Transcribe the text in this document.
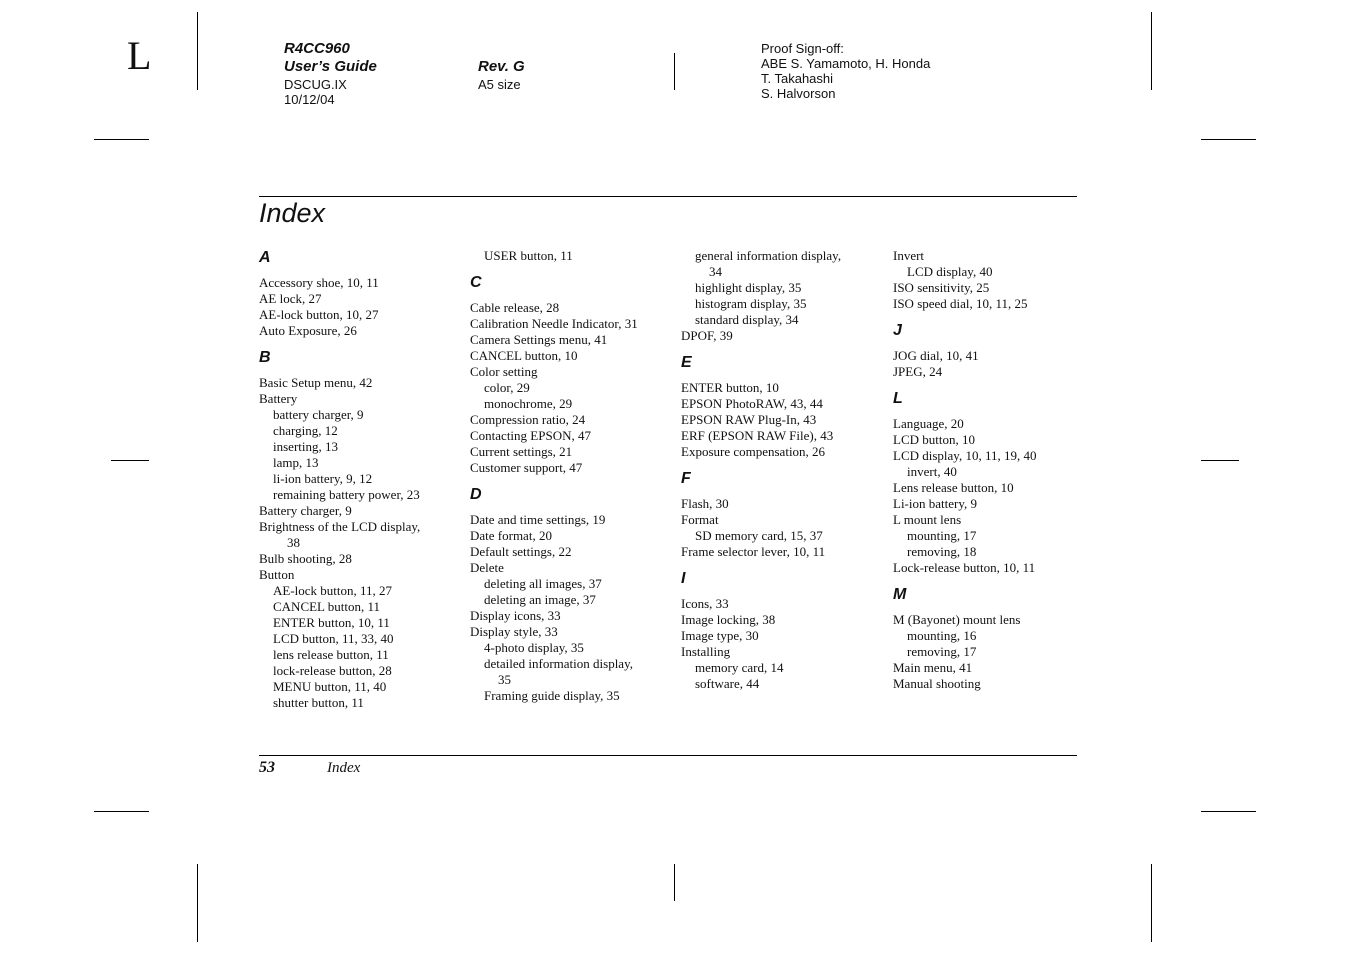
L	R4CC960
User’s Guide
DSCUG.IX
10/12/04
Rev. G
A5 size
Proof Sign-off:
ABE S. Yamamoto, H. Honda
T. Takahashi
S. Halvorson
Index
A
Accessory shoe, 10, 11
AE lock, 27
AE-lock button, 10, 27
Auto Exposure, 26
B
Basic Setup menu, 42
Battery
battery charger, 9
charging, 12
inserting, 13
lamp, 13
li-ion battery, 9, 12
remaining battery power, 23
Battery charger, 9
Brightness of the LCD display,
38
Bulb shooting, 28
Button
AE-lock button, 11, 27
CANCEL button, 11
ENTER button, 10, 11
LCD button, 11, 33, 40
lens release button, 11
lock-release button, 28
MENU button, 11, 40
shutter button, 11
USER button, 11
C
Cable release, 28
Calibration Needle Indicator, 31
Camera Settings menu, 41
CANCEL button, 10
Color setting
color, 29
monochrome, 29
Compression ratio, 24
Contacting EPSON, 47
Current settings, 21
Customer support, 47
D
Date and time settings, 19
Date format, 20
Default settings, 22
Delete
deleting all images, 37
deleting an image, 37
Display icons, 33
Display style, 33
4-photo display, 35
detailed information display,
35
Framing guide display, 35
general information display,
34
highlight display, 35
histogram display, 35
standard display, 34
DPOF, 39
E
ENTER button, 10
EPSON PhotoRAW, 43, 44
EPSON RAW Plug-In, 43
ERF (EPSON RAW File), 43
Exposure compensation, 26
F
Flash, 30
Format
SD memory card, 15, 37
Frame selector lever, 10, 11
I
Icons, 33
Image locking, 38
Image type, 30
Installing
memory card, 14
software, 44
Invert
LCD display, 40
ISO sensitivity, 25
ISO speed dial, 10, 11, 25
J
JOG dial, 10, 41
JPEG, 24
L
Language, 20
LCD button, 10
LCD display, 10, 11, 19, 40
invert, 40
Lens release button, 10
Li-ion battery, 9
L mount lens
mounting, 17
removing, 18
Lock-release button, 10, 11
M
M (Bayonet) mount lens
mounting, 16
removing, 17
Main menu, 41
Manual shooting
53	Index
